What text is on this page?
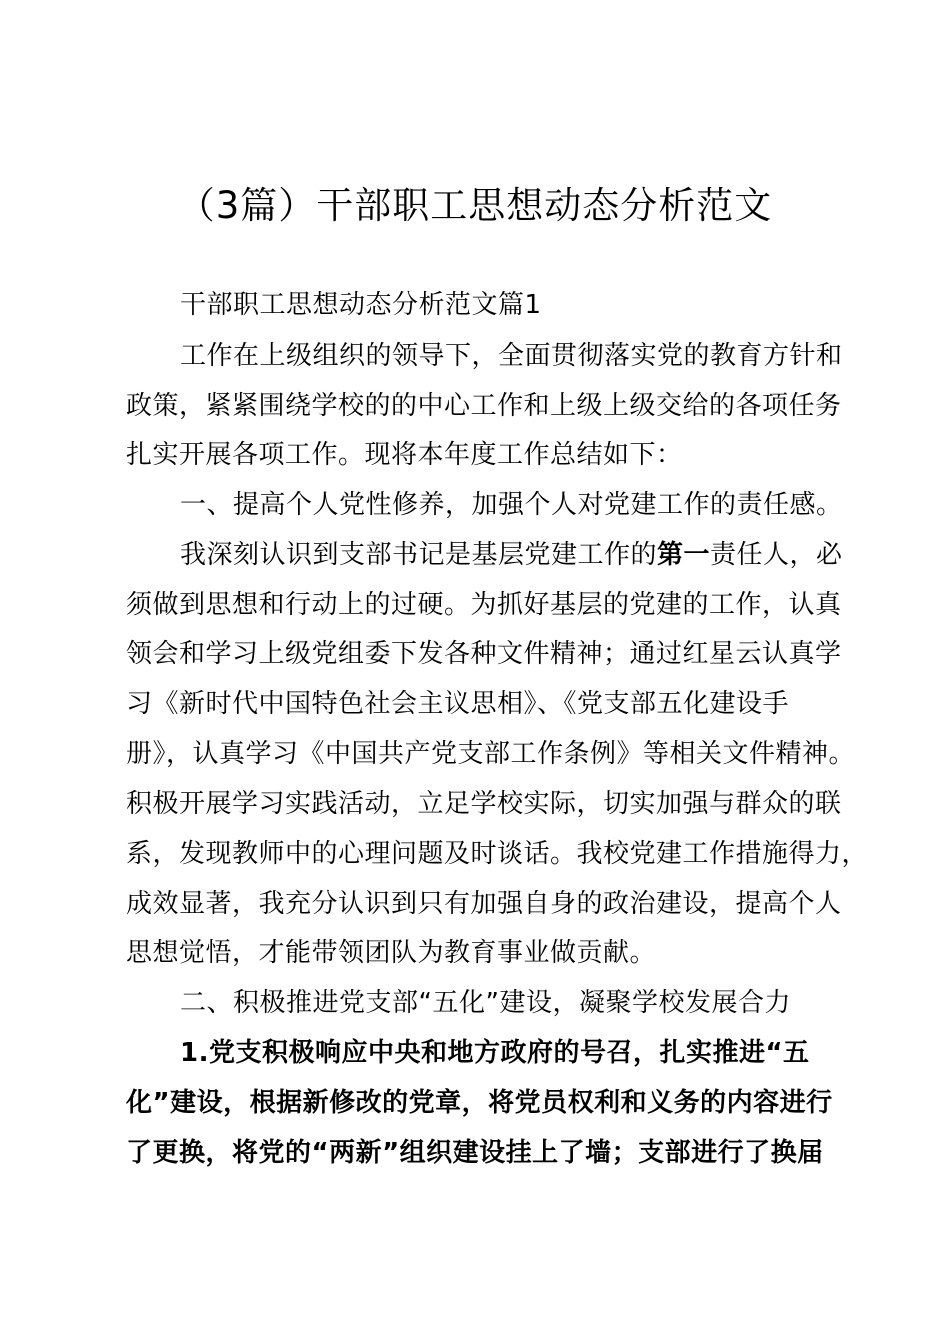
（3篇）干部职工思想动态分析范文
干部职工思想动态分析范文篇1
工作在上级组织的领导下，全面贯彻落实党的教育方针和
政策，紧紧围绕学校的的中心工作和上级上级交给的各项任务
扎实开展各项工作。现将本年度工作总结如下：
一、提高个人党性修养，加强个人对党建工作的责任感。
我深刻认识到支部书记是基层党建工作的第一责任人，必
须做到思想和行动上的过硬。为抓好基层的党建的工作，认真
领会和学习上级党组委下发各种文件精神；通过红星云认真学
习《新时代中国特色社会主议思相》、《党支部五化建设手
册》，认真学习《中国共产党支部工作条例》等相关文件精神。
积极开展学习实践活动，立足学校实际，切实加强与群众的联
系，发现教师中的心理问题及时谈话。我校党建工作措施得力，
成效显著，我充分认识到只有加强自身的政治建设，提高个人
思想觉悟，才能带领团队为教育事业做贡献。
二、积极推进党支部“五化”建设，凝聚学校发展合力
1.党支积极响应中央和地方政府的号召，扎实推进“五
化”建设，根据新修改的党章，将党员权利和义务的内容进行
了更换，将党的“两新”组织建设挂上了墙；支部进行了换届
